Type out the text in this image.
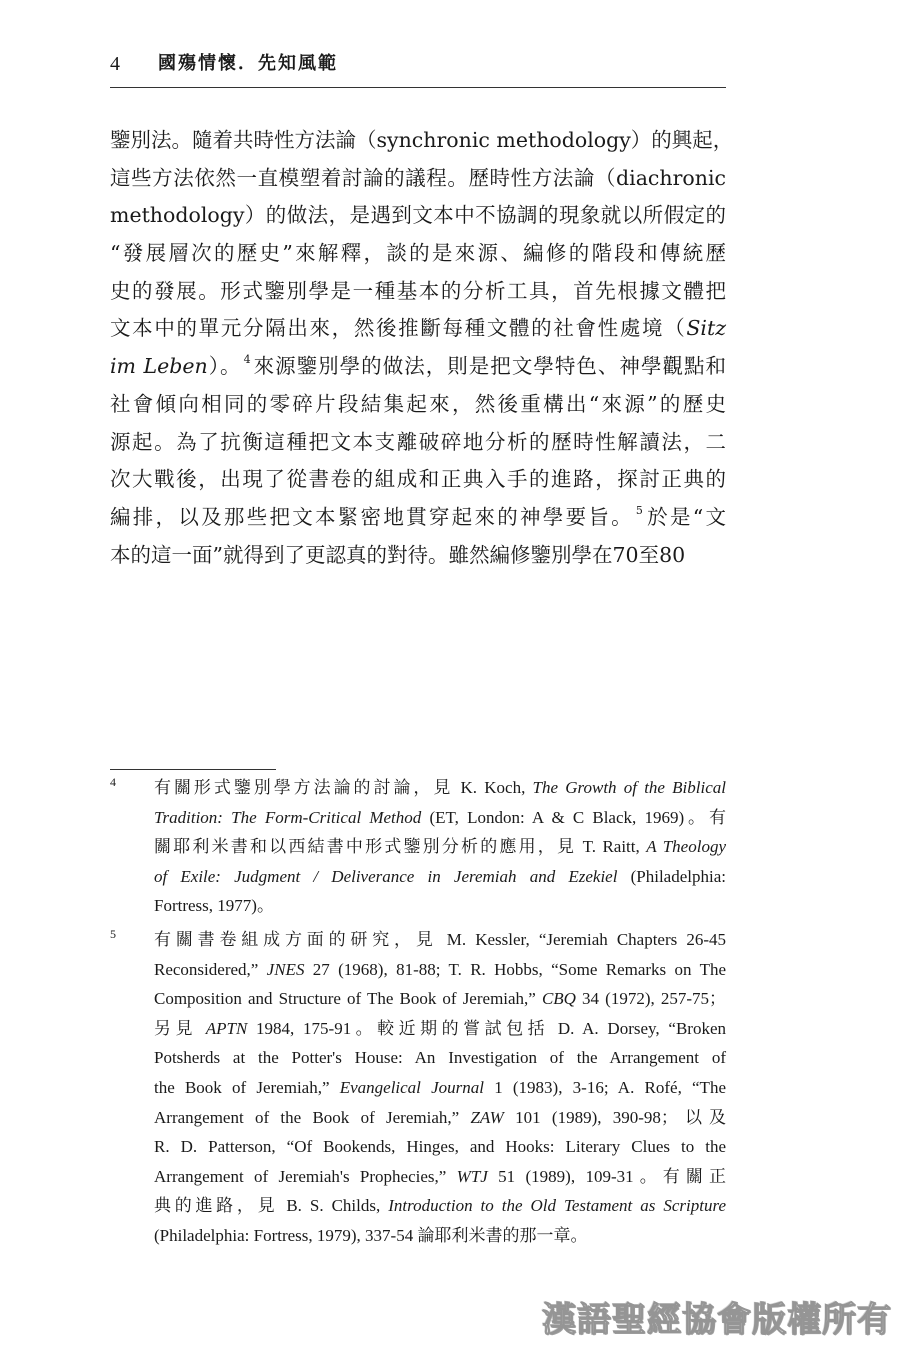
4 國殤情懷．先知風範
鑒別法。隨着共時性方法論（synchronic methodology）的興起，
這些方法依然一直模塑着討論的議程。歷時性方法論（diachronic
methodology）的做法，是遇到文本中不協調的現象就以所假定的
“發展層次的歷史”來解釋，談的是來源、編修的階段和傳統歷
史的發展。形式鑒別學是一種基本的分析工具，首先根據文體把
文本中的單元分隔出來，然後推斷每種文體的社會性處境（Sitz
im Leben）。 $^4$來源鑒別學的做法，則是把文學特色、神學觀點和
社會傾向相同的零碎片段結集起來，然後重構出“來源”的歷史
源起。為了抗衡這種把文本支離破碎地分析的歷時性解讀法，二
次大戰後，出現了從書卷的組成和正典入手的進路，探討正典的
編排，以及那些把文本緊密地貫穿起來的神學要旨。 $^5$於是“文
本的這一面”就得到了更認真的對待。雖然編修鑒別學在70至80
4 有關形式鑒別學方法論的討論，見 K. Koch, The Growth of the Biblical
Tradition: The Form-Critical Method (ET, London: A & C Black, 1969)。有
關耶利米書和以西結書中形式鑒別分析的應用，見 T. Raitt, A Theology
of Exile: Judgment / Deliverance in Jeremiah and Ezekiel (Philadelphia:
Fortress, 1977)。
5 有關書卷組成方面的研究，見 M. Kessler, “Jeremiah Chapters 26-45
Reconsidered,” JNES 27 (1968), 81-88; T. R. Hobbs, “Some Remarks on The
Composition and Structure of The Book of Jeremiah,” CBQ 34 (1972), 257-75；
另見 APTN 1984, 175-91。較近期的嘗試包括 D. A. Dorsey, “Broken
Potsherds at the Potter's House: An Investigation of the Arrangement of
the Book of Jeremiah,” Evangelical Journal 1 (1983), 3-16; A. Rofé, “The
Arrangement of the Book of Jeremiah,” ZAW 101 (1989), 390-98；以及
R. D. Patterson, “Of Bookends, Hinges, and Hooks: Literary Clues to the
Arrangement of Jeremiah's Prophecies,” WTJ 51 (1989), 109-31。有關正
典的進路，見 B. S. Childs, Introduction to the Old Testament as Scripture
(Philadelphia: Fortress, 1979), 337-54 論耶利米書的那一章。
漢語聖經協會版權所有
